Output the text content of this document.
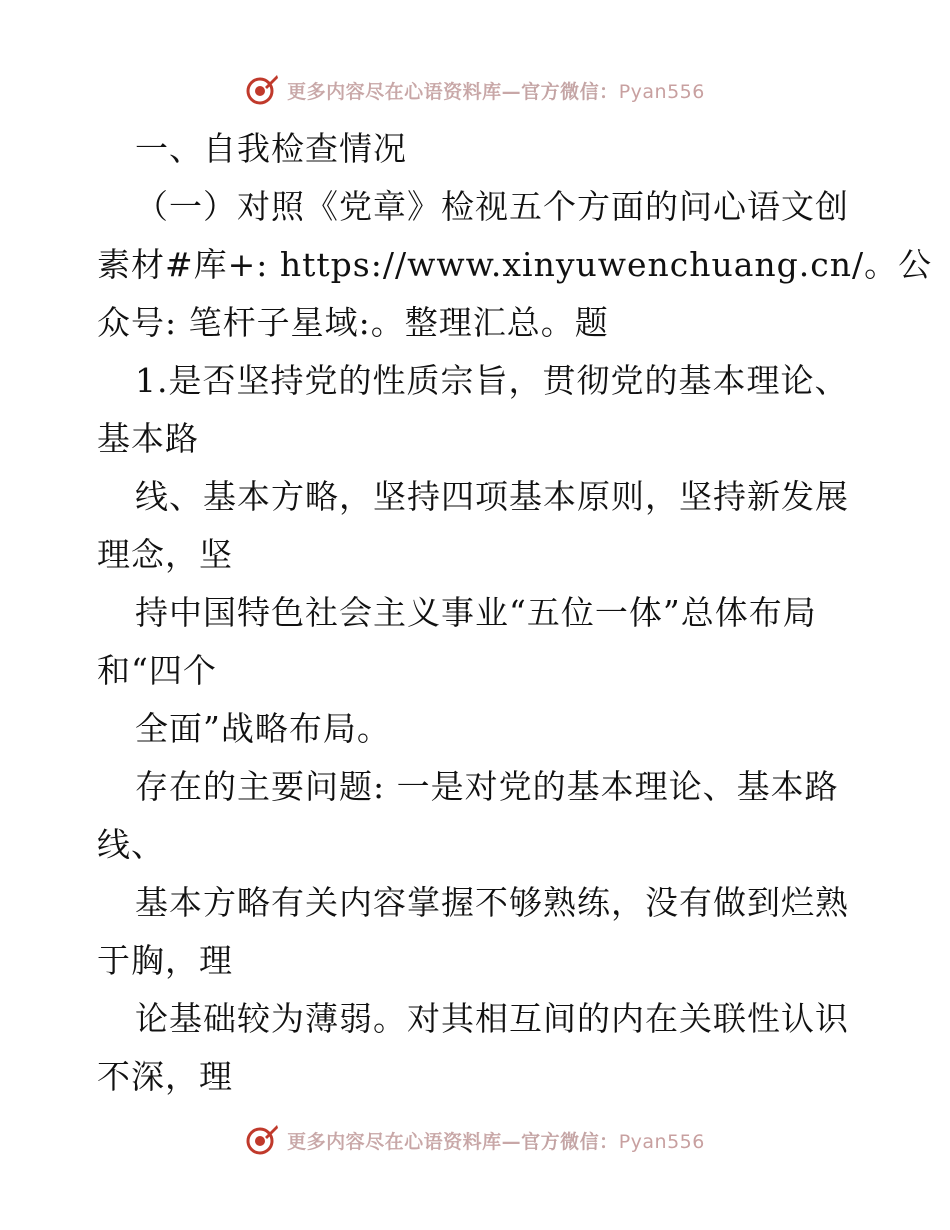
更多内容尽在心语资料库—官方微信：Pyan556
一、自我检查情况
（一）对照《党章》检视五个方面的问心语文创
素材#库+: https://www.xinyuwenchuang.cn/。公
众号: 笔杆子星域:。整理汇总。题
1.是否坚持党的性质宗旨，贯彻党的基本理论、
基本路
线、基本方略，坚持四项基本原则，坚持新发展
理念，坚
持中国特色社会主义事业“五位一体”总体布局
和“四个
全面”战略布局。
存在的主要问题: 一是对党的基本理论、基本路
线、
基本方略有关内容掌握不够熟练，没有做到烂熟
于胸，理
论基础较为薄弱。对其相互间的内在关联性认识
不深，理
更多内容尽在心语资料库—官方微信：Pyan556
